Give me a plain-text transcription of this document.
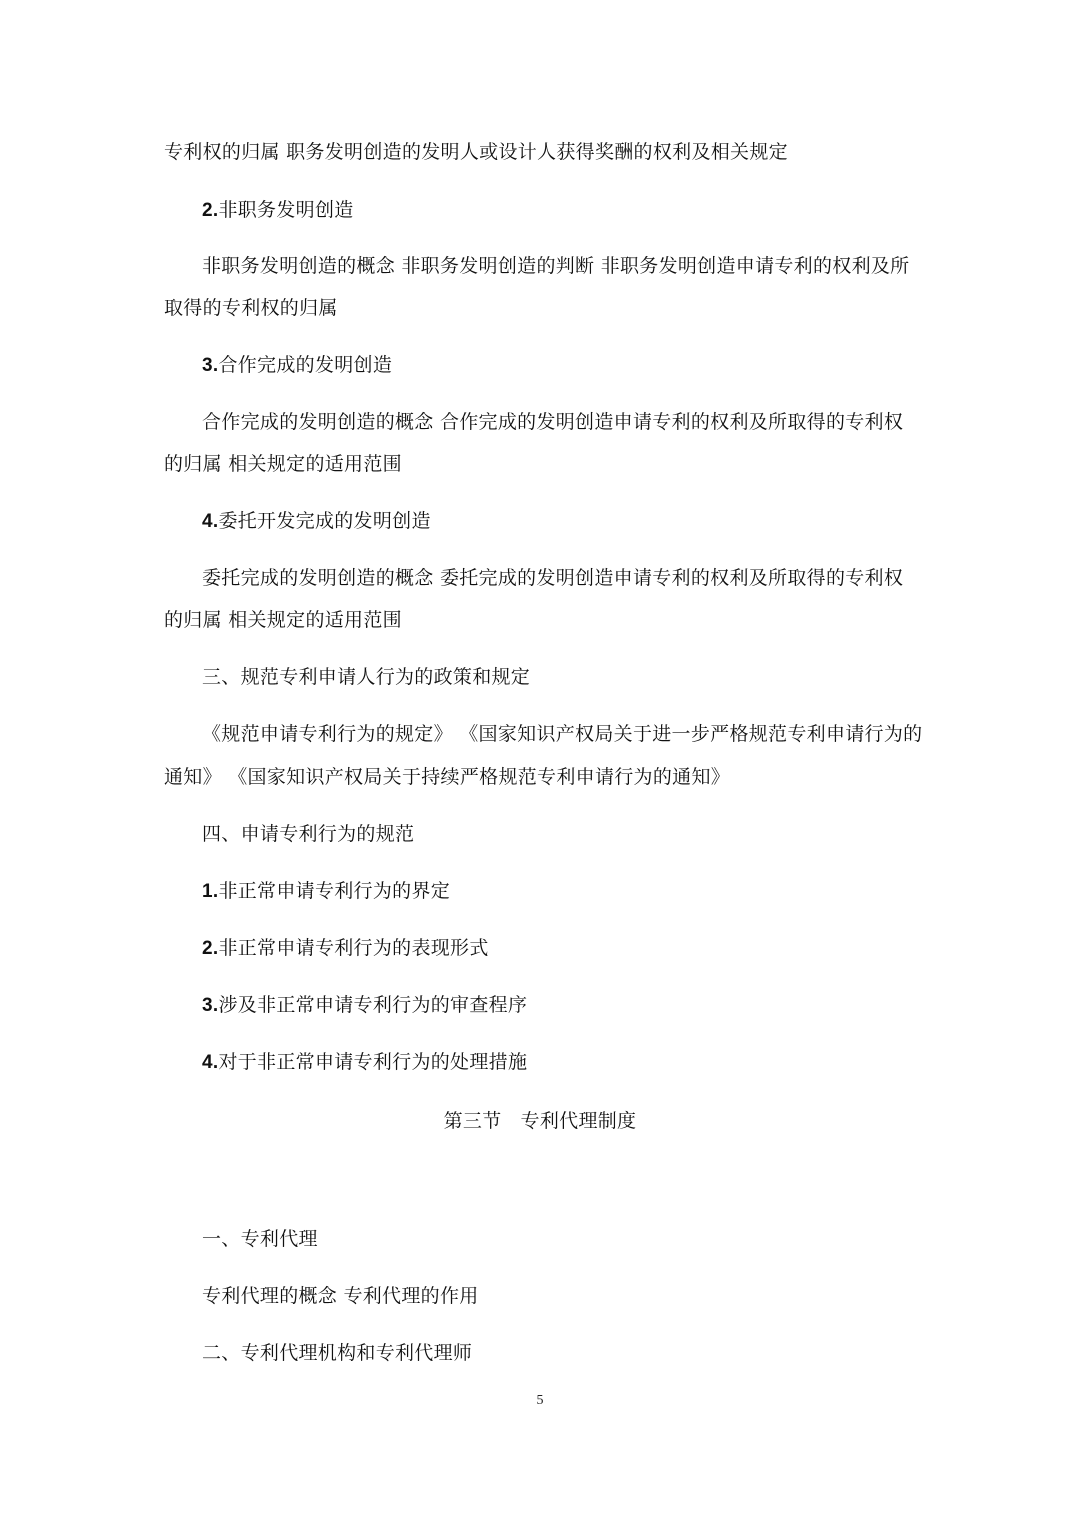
专利权的归属 职务发明创造的发明人或设计人获得奖酬的权利及相关规定
2.非职务发明创造
非职务发明创造的概念 非职务发明创造的判断 非职务发明创造申请专利的权利及所
取得的专利权的归属
3.合作完成的发明创造
合作完成的发明创造的概念 合作完成的发明创造申请专利的权利及所取得的专利权
的归属 相关规定的适用范围
4.委托开发完成的发明创造
委托完成的发明创造的概念 委托完成的发明创造申请专利的权利及所取得的专利权
的归属 相关规定的适用范围
三、规范专利申请人行为的政策和规定
《规范申请专利行为的规定》 《国家知识产权局关于进一步严格规范专利申请行为的
通知》 《国家知识产权局关于持续严格规范专利申请行为的通知》
四、申请专利行为的规范
1.非正常申请专利行为的界定
2.非正常申请专利行为的表现形式
3.涉及非正常申请专利行为的审查程序
4.对于非正常申请专利行为的处理措施
第三节   专利代理制度
一、专利代理
专利代理的概念 专利代理的作用
二、专利代理机构和专利代理师
5
